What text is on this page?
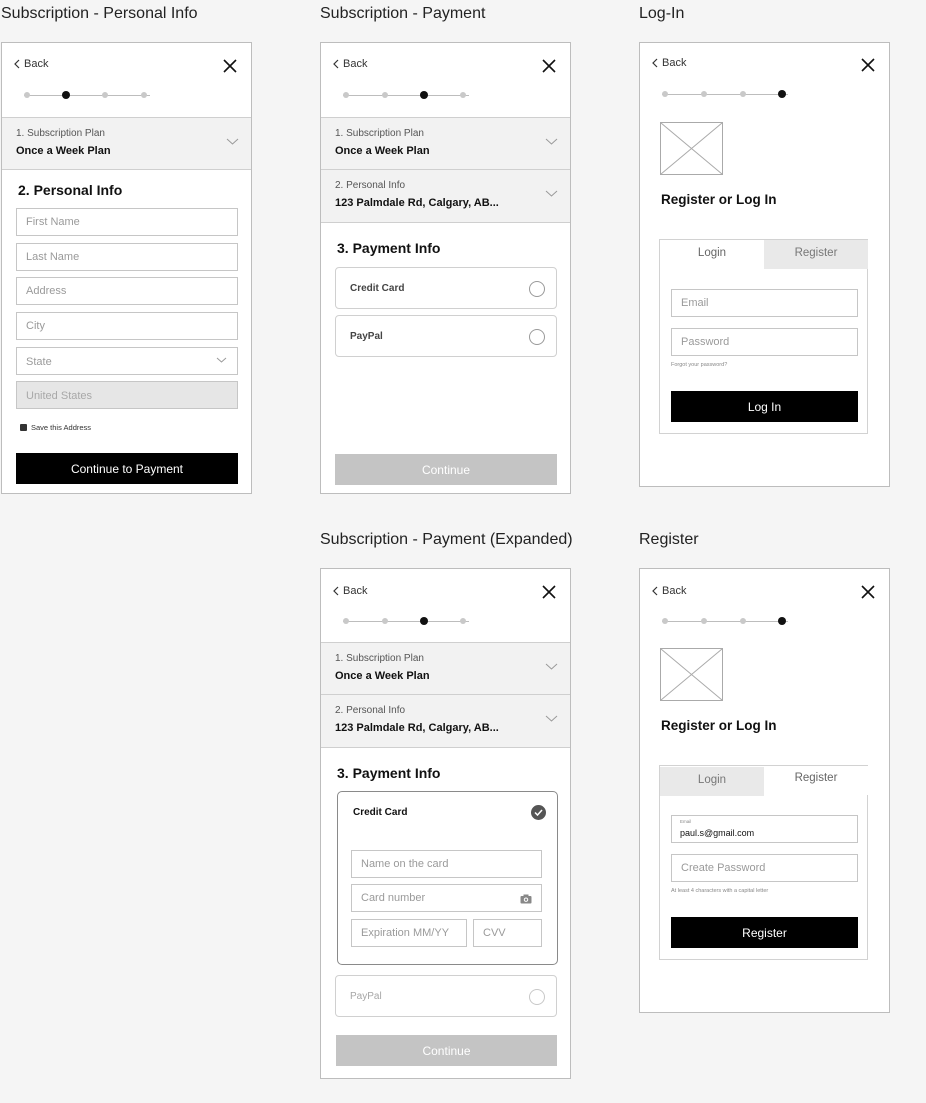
Subscription - Personal Info
Back
1. Subscription Plan
Once a Week Plan
2. Personal Info
First Name
Last Name
Address
City
State
United States
Save this Address
Continue to Payment
Subscription - Payment
Back
1. Subscription Plan
Once a Week Plan
2. Personal Info
123 Palmdale Rd, Calgary, AB...
3. Payment Info
Credit Card
PayPal
Continue
Log-In
Back
Register or Log In
Login	Register
Email
Forgot your password?
Log In
Subscription - Payment (Expanded)
Back
1. Subscription Plan
Once a Week Plan
2. Personal Info
123 Palmdale Rd, Calgary, AB...
3. Payment Info
Credit Card
Name on the card
Card number
Expiration MM/YY
CVV
PayPal
Continue
Register
Back
Register or Log In
Login	Register
Email
paul.s@gmail.com
At least 4 characters with a capital letter
Register
